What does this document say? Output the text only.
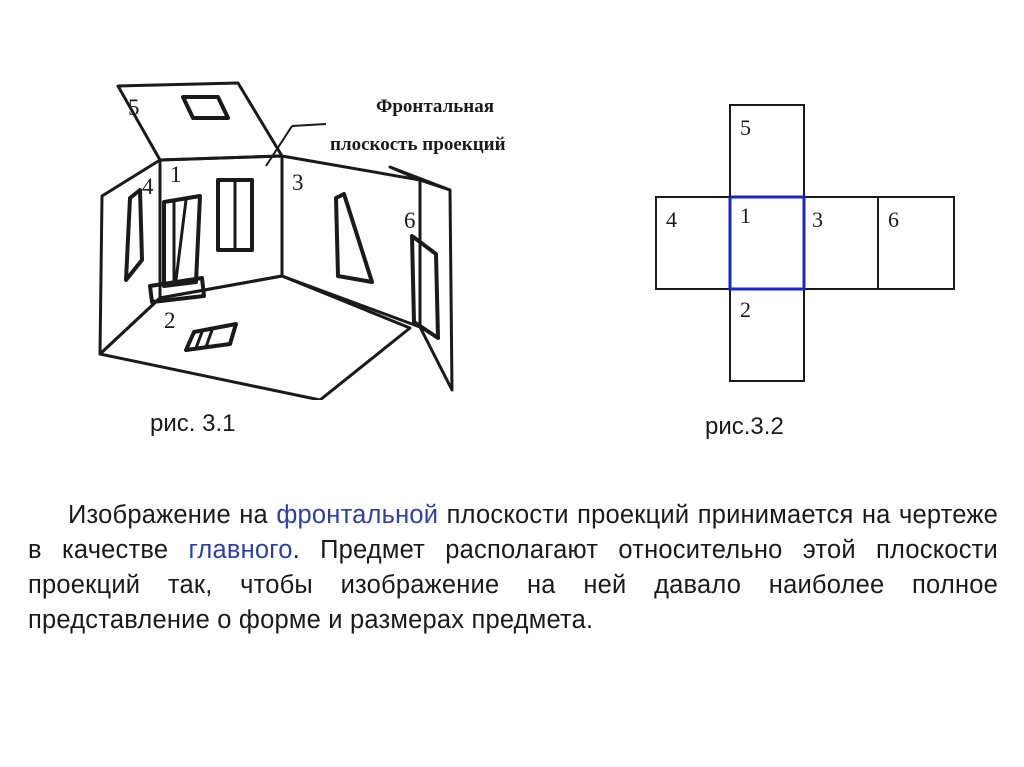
5
1
4	3
6
2
Фронтальная
плоскость проекций
5
4	1	3	6
2
рис. 3.1	рис.3.2

Изображение на фронтальной плоскости проекций принимается на чертеже в качестве главного. Предмет располагают относительно этой плоскости проекций так, чтобы изображение на ней давало наиболее полное представление о форме и размерах предмета.
